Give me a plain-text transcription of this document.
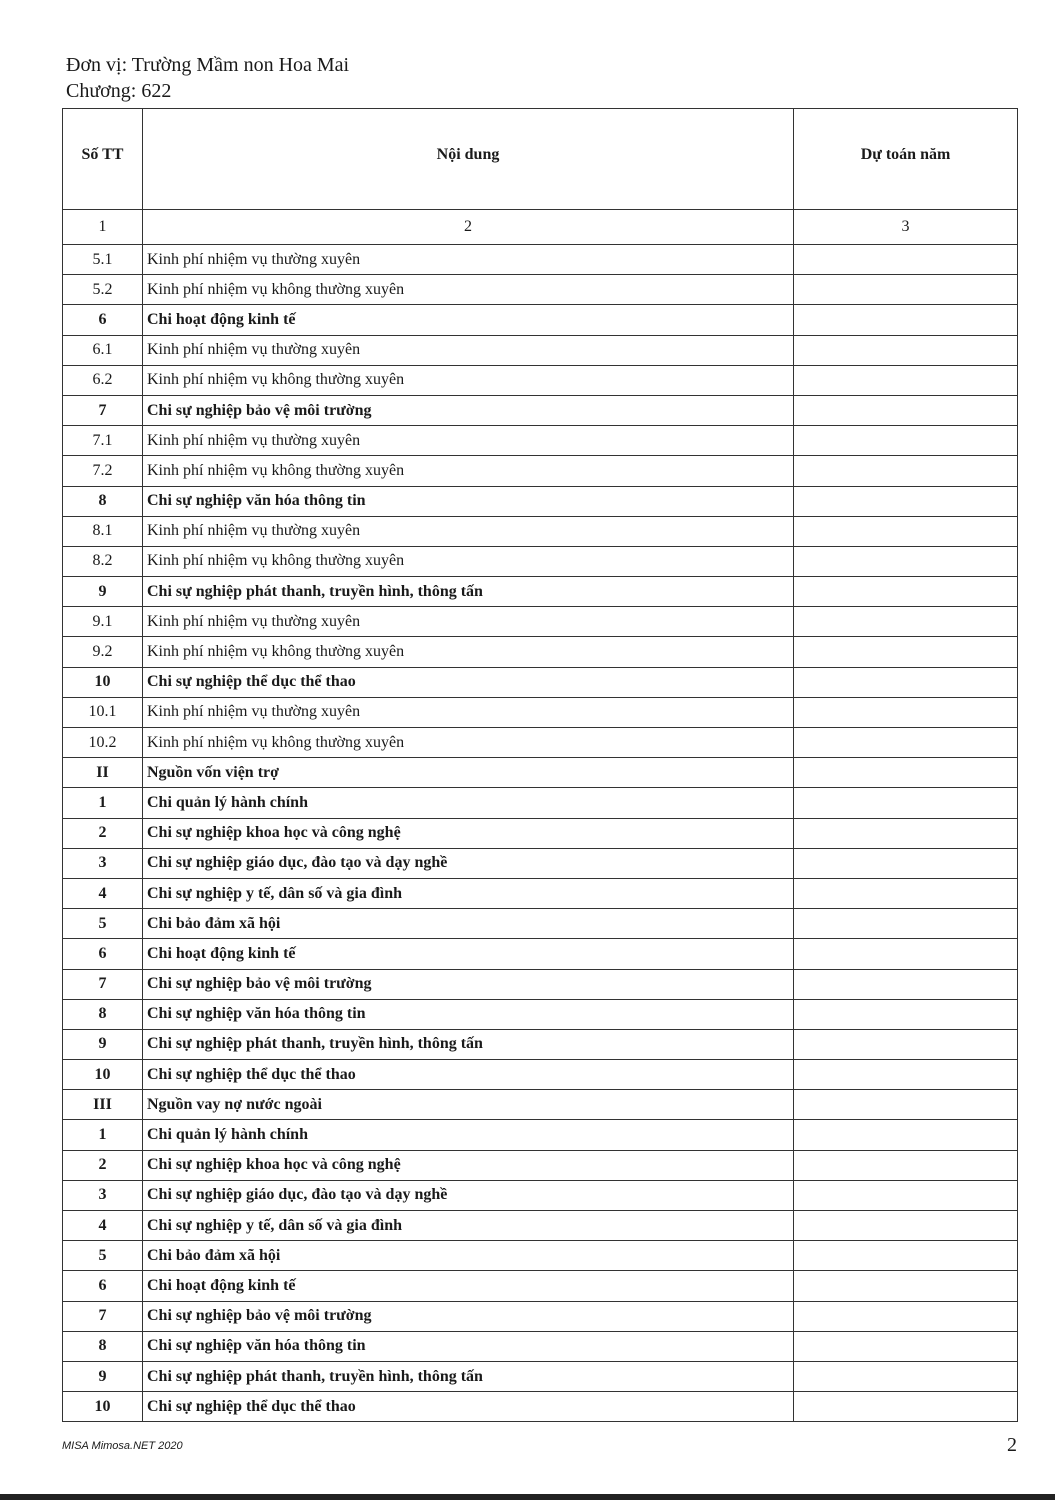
Đơn vị: Trường Mầm non Hoa Mai
Chương: 622
Số TT	Nội dung	Dự toán năm
1	2	3
5.1	Kinh phí nhiệm vụ thường xuyên	
5.2	Kinh phí nhiệm vụ không thường xuyên	
6	Chi hoạt động kinh tế	
6.1	Kinh phí nhiệm vụ thường xuyên	
6.2	Kinh phí nhiệm vụ không thường xuyên	
7	Chi sự nghiệp bảo vệ môi trường	
7.1	Kinh phí nhiệm vụ thường xuyên	
7.2	Kinh phí nhiệm vụ không thường xuyên	
8	Chi sự nghiệp văn hóa thông tin	
8.1	Kinh phí nhiệm vụ thường xuyên	
8.2	Kinh phí nhiệm vụ không thường xuyên	
9	Chi sự nghiệp phát thanh, truyền hình, thông tấn	
9.1	Kinh phí nhiệm vụ thường xuyên	
9.2	Kinh phí nhiệm vụ không thường xuyên	
10	Chi sự nghiệp thể dục thể thao	
10.1	Kinh phí nhiệm vụ thường xuyên	
10.2	Kinh phí nhiệm vụ không thường xuyên	
II	Nguồn vốn viện trợ	
1	Chi quản lý hành chính	
2	Chi sự nghiệp khoa học và công nghệ	
3	Chi sự nghiệp giáo dục, đào tạo và dạy nghề	
4	Chi sự nghiệp y tế, dân số và gia đình	
5	Chi bảo đảm xã hội	
6	Chi hoạt động kinh tế	
7	Chi sự nghiệp bảo vệ môi trường	
8	Chi sự nghiệp văn hóa thông tin	
9	Chi sự nghiệp phát thanh, truyền hình, thông tấn	
10	Chi sự nghiệp thể dục thể thao	
III	Nguồn vay nợ nước ngoài	
1	Chi quản lý hành chính	
2	Chi sự nghiệp khoa học và công nghệ	
3	Chi sự nghiệp giáo dục, đào tạo và dạy nghề	
4	Chi sự nghiệp y tế, dân số và gia đình	
5	Chi bảo đảm xã hội	
6	Chi hoạt động kinh tế	
7	Chi sự nghiệp bảo vệ môi trường	
8	Chi sự nghiệp văn hóa thông tin	
9	Chi sự nghiệp phát thanh, truyền hình, thông tấn	
10	Chi sự nghiệp thể dục thể thao	
MISA Mimosa.NET 2020	2
